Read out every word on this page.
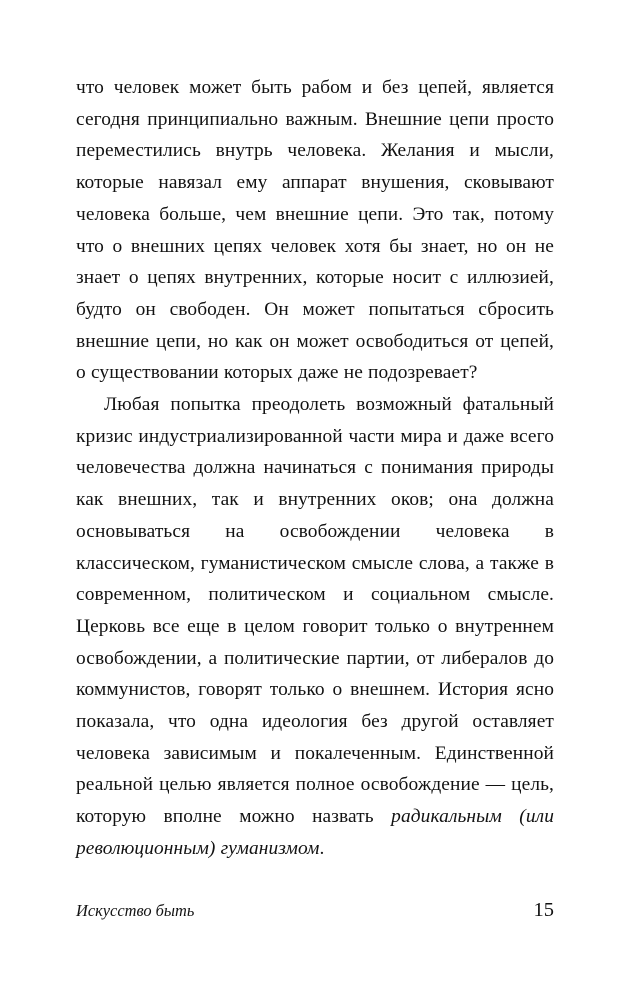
что человек может быть рабом и без цепей, является сегодня принципиально важным. Внешние цепи просто переместились внутрь человека. Желания и мысли, которые навязал ему аппарат внушения, сковывают человека больше, чем внешние цепи. Это так, потому что о внешних цепях человек хотя бы знает, но он не знает о цепях внутренних, которые носит с иллюзией, будто он свободен. Он может попытаться сбросить внешние цепи, но как он может освободиться от цепей, о существовании которых даже не подозревает?

Любая попытка преодолеть возможный фатальный кризис индустриализированной части мира и даже всего человечества должна начинаться с понимания природы как внешних, так и внутренних оков; она должна основываться на освобождении человека в классическом, гуманистическом смысле слова, а также в современном, политическом и социальном смысле. Церковь все еще в целом говорит только о внутреннем освобождении, а политические партии, от либералов до коммунистов, говорят только о внешнем. История ясно показала, что одна идеология без другой оставляет человека зависимым и покалеченным. Единственной реальной целью является полное освобождение — цель, которую вполне можно назвать радикальным (или революционным) гуманизмом.

Искусство быть	15
